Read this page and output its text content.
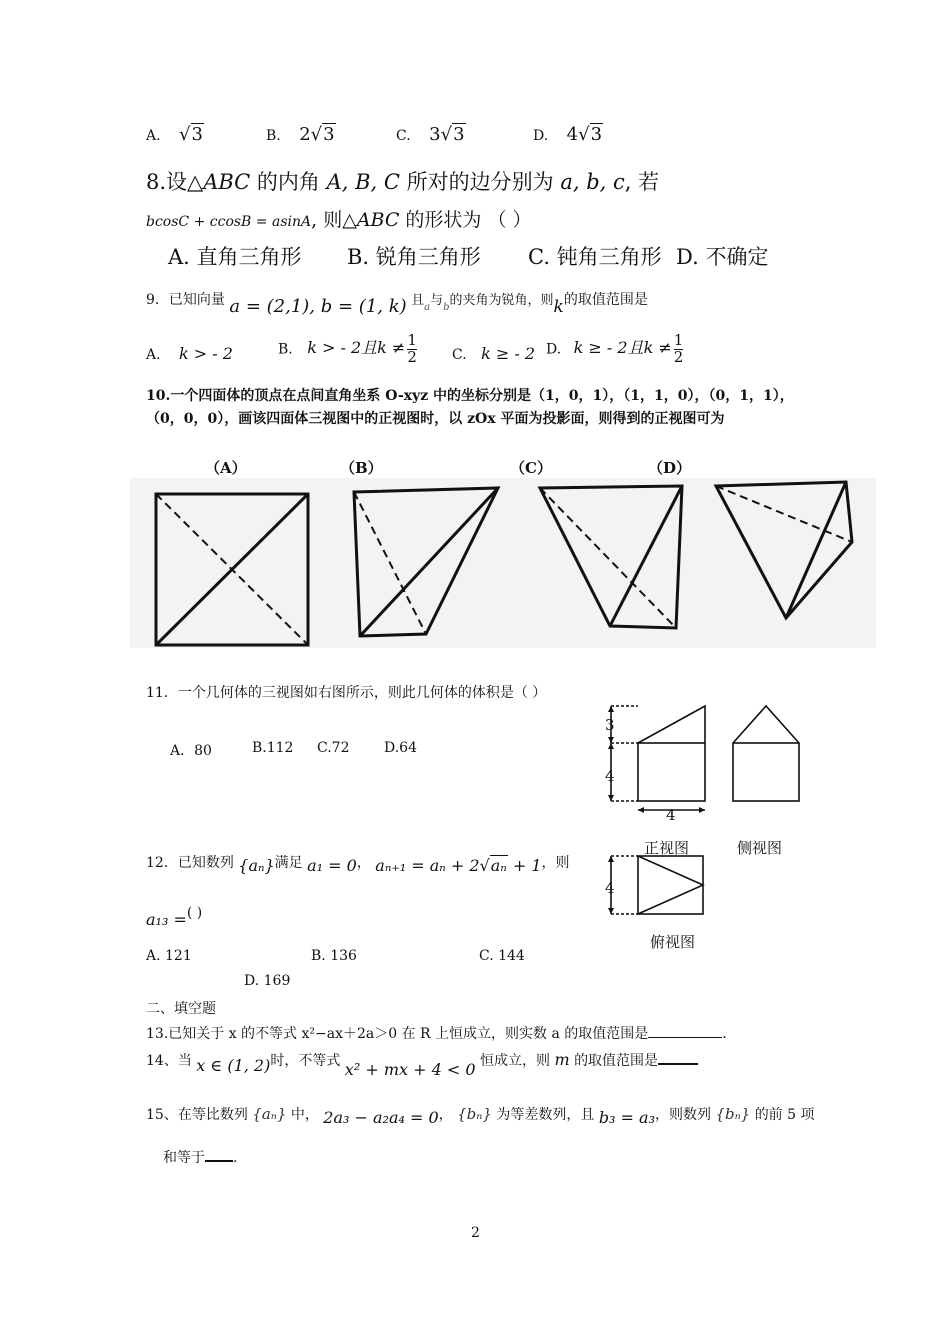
A. √3	B. 2√3	C. 3√3	D. 4√3
8.设△ABC 的内角 A, B, C 所对的边分别为 a, b, c, 若
bcosC + ccosB = asinA, 则△ABC 的形状为 （ ）
A. 直角三角形 B. 锐角三角形 C. 钝角三角形 D. 不确定
9．已知向量 a = (2,1), b = (1, k) 且$_a$与$_b$的夹角为锐角，则k的取值范围是
A. k > - 2	B. k > - 2且$k \ne \frac{1}{2}$	C. k ≥ - 2 D. k ≥ - 2且$k \ne \frac{1}{2}$
10.一个四面体的顶点在点间直角坐系 O-xyz 中的坐标分别是（1，0，1），（1，1，0），（0，1，1），
（0，0，0），画该四面体三视图中的正视图时，以 zOx 平面为投影面，则得到的正视图可为
（A）	（B）	（C）	（D）
11．一个几何体的三视图如右图所示，则此几何体的体积是（ ）
A．80	B.112 C.72 D.64
3
4
4
4
正视图	侧视图
俯视图
12．已知数列 {aₙ}满足 a₁ = 0， aₙ₊₁ = aₙ + 2√aₙ + 1，则
a₁₃ =( )
A. 121	B. 136	C. 144
D. 169
二、填空题
13.已知关于 x 的不等式 x²−ax＋2a＞0 在 R 上恒成立，则实数 a 的取值范围是	.
14、当 x ∈ (1, 2)时，不等式 x² + mx + 4 < 0 恒成立，则 m 的取值范围是
15、在等比数列 {aₙ} 中， 2a₃ − a₂a₄ = 0， {bₙ} 为等差数列，且 b₃ = a₃，则数列 {bₙ} 的前 5 项
和等于 .
2
